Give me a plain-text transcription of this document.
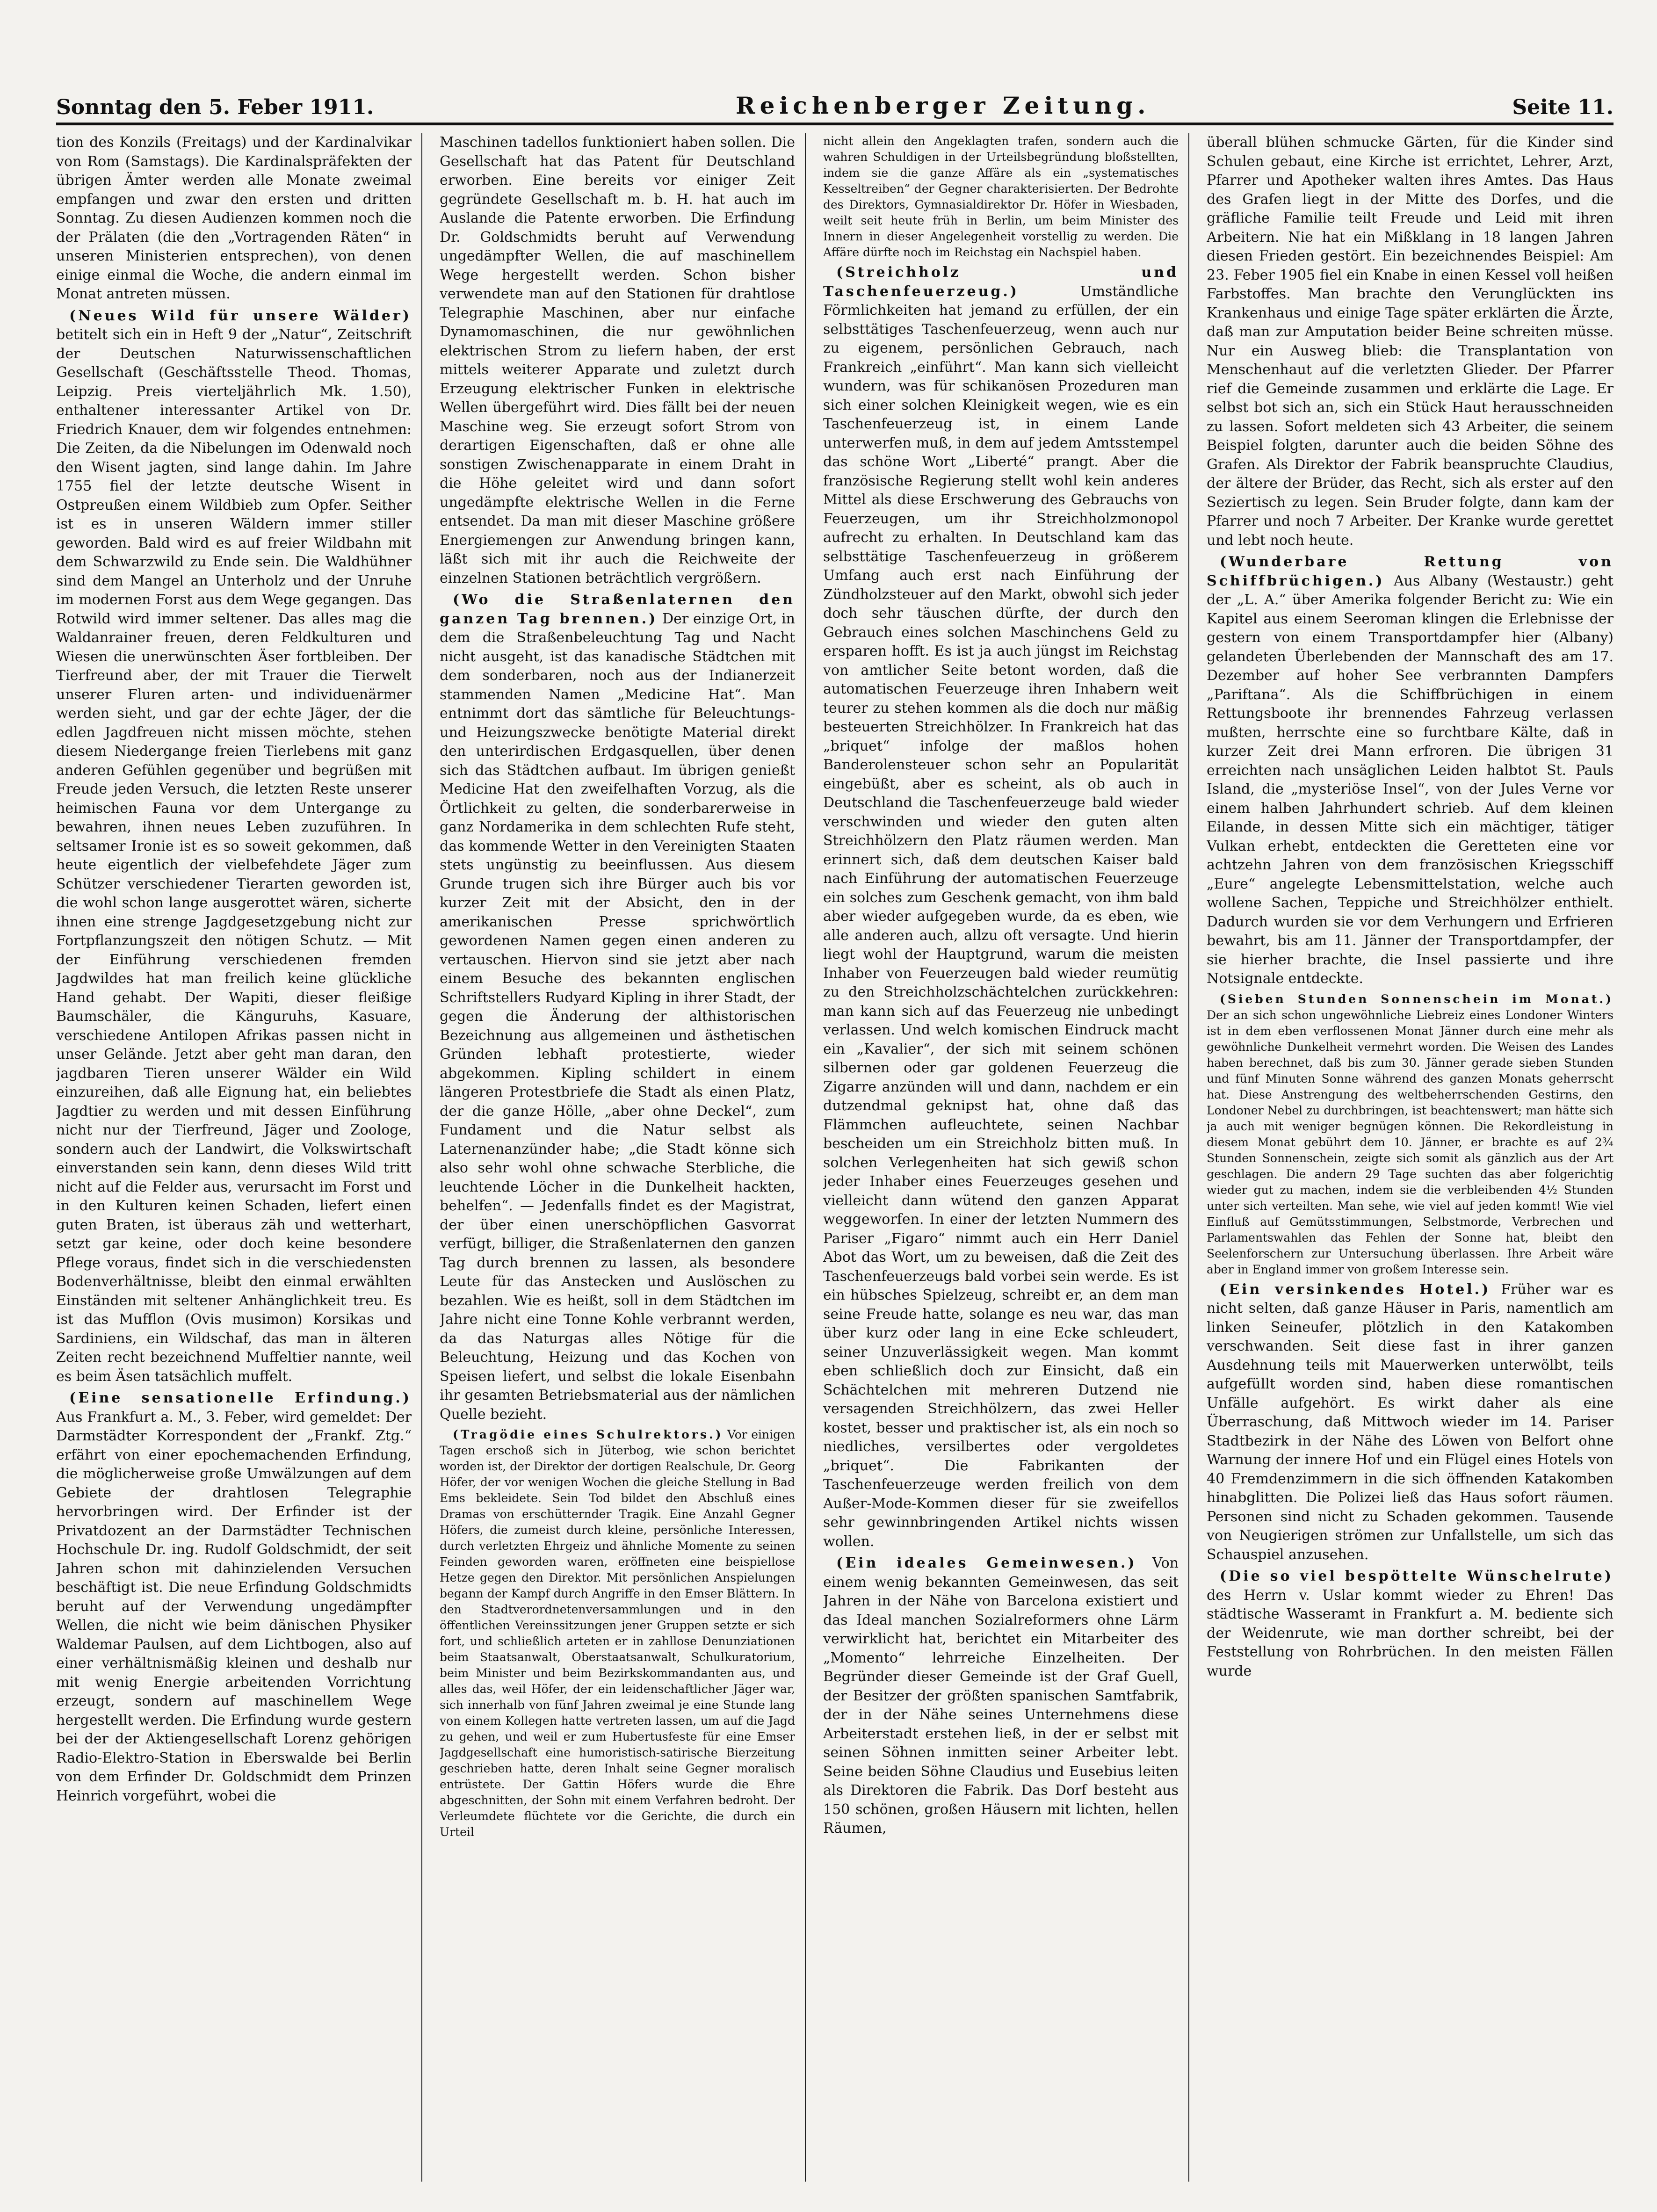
Sonntag den 5. Feber 1911.	Reichenberger Zeitung.	Seite 11.

tion des Konzils (Freitags) und der Kardinalvikar von Rom (Samstags). Die Kardinalspräfekten der übrigen Ämter werden alle Monate zweimal empfangen und zwar den ersten und dritten Sonntag. Zu diesen Audienzen kommen noch die der Prälaten (die den „Vortragenden Räten“ in unseren Ministerien entsprechen), von denen einige einmal die Woche, die andern einmal im Monat antreten müssen.

(Neues Wild für unsere Wälder) betitelt sich ein in Heft 9 der „Natur“, Zeitschrift der Deutschen Naturwissenschaftlichen Gesellschaft (Geschäftsstelle Theod. Thomas, Leipzig. Preis vierteljährlich Mk. 1.50), enthaltener interessanter Artikel von Dr. Friedrich Knauer, dem wir folgendes entnehmen: Die Zeiten, da die Nibelungen im Odenwald noch den Wisent jagten, sind lange dahin. Im Jahre 1755 fiel der letzte deutsche Wisent in Ostpreußen einem Wildbieb zum Opfer. Seither ist es in unseren Wäldern immer stiller geworden. Bald wird es auf freier Wildbahn mit dem Schwarzwild zu Ende sein. Die Waldhühner sind dem Mangel an Unterholz und der Unruhe im modernen Forst aus dem Wege gegangen. Das Rotwild wird immer seltener. Das alles mag die Waldanrainer freuen, deren Feldkulturen und Wiesen die unerwünschten Äser fortbleiben. Der Tierfreund aber, der mit Trauer die Tierwelt unserer Fluren arten- und individuenärmer werden sieht, und gar der echte Jäger, der die edlen Jagdfreuen nicht missen möchte, stehen diesem Niedergange freien Tierlebens mit ganz anderen Gefühlen gegenüber und begrüßen mit Freude jeden Versuch, die letzten Reste unserer heimischen Fauna vor dem Untergange zu bewahren, ihnen neues Leben zuzuführen. In seltsamer Ironie ist es so soweit gekommen, daß heute eigentlich der vielbefehdete Jäger zum Schützer verschiedener Tierarten geworden ist, die wohl schon lange ausgerottet wären, sicherte ihnen eine strenge Jagdgesetzgebung nicht zur Fortpflanzungszeit den nötigen Schutz. — Mit der Einführung verschiedenen fremden Jagdwildes hat man freilich keine glückliche Hand gehabt. Der Wapiti, dieser fleißige Baumschäler, die Känguruhs, Kasuare, verschiedene Antilopen Afrikas passen nicht in unser Gelände. Jetzt aber geht man daran, den jagdbaren Tieren unserer Wälder ein Wild einzureihen, daß alle Eignung hat, ein beliebtes Jagdtier zu werden und mit dessen Einführung nicht nur der Tierfreund, Jäger und Zoologe, sondern auch der Landwirt, die Volkswirtschaft einverstanden sein kann, denn dieses Wild tritt nicht auf die Felder aus, verursacht im Forst und in den Kulturen keinen Schaden, liefert einen guten Braten, ist überaus zäh und wetterhart, setzt gar keine, oder doch keine besondere Pflege voraus, findet sich in die verschiedensten Bodenverhältnisse, bleibt den einmal erwählten Einständen mit seltener Anhänglichkeit treu. Es ist das Mufflon (Ovis musimon) Korsikas und Sardiniens, ein Wildschaf, das man in älteren Zeiten recht bezeichnend Muffeltier nannte, weil es beim Äsen tatsächlich muffelt.

(Eine sensationelle Erfindung.) Aus Frankfurt a. M., 3. Feber, wird gemeldet: Der Darmstädter Korrespondent der „Frankf. Ztg.“ erfährt von einer epochemachenden Erfindung, die möglicherweise große Umwälzungen auf dem Gebiete der drahtlosen Telegraphie hervorbringen wird. Der Erfinder ist der Privatdozent an der Darmstädter Technischen Hochschule Dr. ing. Rudolf Goldschmidt, der seit Jahren schon mit dahinzielenden Versuchen beschäftigt ist. Die neue Erfindung Goldschmidts beruht auf der Verwendung ungedämpfter Wellen, die nicht wie beim dänischen Physiker Waldemar Paulsen, auf dem Lichtbogen, also auf einer verhältnismäßig kleinen und deshalb nur mit wenig Energie arbeitenden Vorrichtung erzeugt, sondern auf maschinellem Wege hergestellt werden. Die Erfindung wurde gestern bei der der Aktiengesellschaft Lorenz gehörigen Radio-Elektro-Station in Eberswalde bei Berlin von dem Erfinder Dr. Goldschmidt dem Prinzen Heinrich vorgeführt, wobei die

Maschinen tadellos funktioniert haben sollen. Die Gesellschaft hat das Patent für Deutschland erworben. Eine bereits vor einiger Zeit gegründete Gesellschaft m. b. H. hat auch im Auslande die Patente erworben. Die Erfindung Dr. Goldschmidts beruht auf Verwendung ungedämpfter Wellen, die auf maschinellem Wege hergestellt werden. Schon bisher verwendete man auf den Stationen für drahtlose Telegraphie Maschinen, aber nur einfache Dynamomaschinen, die nur gewöhnlichen elektrischen Strom zu liefern haben, der erst mittels weiterer Apparate und zuletzt durch Erzeugung elektrischer Funken in elektrische Wellen übergeführt wird. Dies fällt bei der neuen Maschine weg. Sie erzeugt sofort Strom von derartigen Eigenschaften, daß er ohne alle sonstigen Zwischenapparate in einem Draht in die Höhe geleitet wird und dann sofort ungedämpfte elektrische Wellen in die Ferne entsendet. Da man mit dieser Maschine größere Energiemengen zur Anwendung bringen kann, läßt sich mit ihr auch die Reichweite der einzelnen Stationen beträchtlich vergrößern.

(Wo die Straßenlaternen den ganzen Tag brennen.) Der einzige Ort, in dem die Straßenbeleuchtung Tag und Nacht nicht ausgeht, ist das kanadische Städtchen mit dem sonderbaren, noch aus der Indianerzeit stammenden Namen „Medicine Hat“. Man entnimmt dort das sämtliche für Beleuchtungs- und Heizungszwecke benötigte Material direkt den unterirdischen Erdgasquellen, über denen sich das Städtchen aufbaut. Im übrigen genießt Medicine Hat den zweifelhaften Vorzug, als die Örtlichkeit zu gelten, die sonderbarerweise in ganz Nordamerika in dem schlechten Rufe steht, das kommende Wetter in den Vereinigten Staaten stets ungünstig zu beeinflussen. Aus diesem Grunde trugen sich ihre Bürger auch bis vor kurzer Zeit mit der Absicht, den in der amerikanischen Presse sprichwörtlich gewordenen Namen gegen einen anderen zu vertauschen. Hiervon sind sie jetzt aber nach einem Besuche des bekannten englischen Schriftstellers Rudyard Kipling in ihrer Stadt, der gegen die Änderung der althistorischen Bezeichnung aus allgemeinen und ästhetischen Gründen lebhaft protestierte, wieder abgekommen. Kipling schildert in einem längeren Protestbriefe die Stadt als einen Platz, der die ganze Hölle, „aber ohne Deckel“, zum Fundament und die Natur selbst als Laternenanzünder habe; „die Stadt könne sich also sehr wohl ohne schwache Sterbliche, die leuchtende Löcher in die Dunkelheit hackten, behelfen“. — Jedenfalls findet es der Magistrat, der über einen unerschöpflichen Gasvorrat verfügt, billiger, die Straßenlaternen den ganzen Tag durch brennen zu lassen, als besondere Leute für das Anstecken und Auslöschen zu bezahlen. Wie es heißt, soll in dem Städtchen im Jahre nicht eine Tonne Kohle verbrannt werden, da das Naturgas alles Nötige für die Beleuchtung, Heizung und das Kochen von Speisen liefert, und selbst die lokale Eisenbahn ihr gesamten Betriebsmaterial aus der nämlichen Quelle bezieht.

(Tragödie eines Schulrektors.) Vor einigen Tagen erschoß sich in Jüterbog, wie schon berichtet worden ist, der Direktor der dortigen Realschule, Dr. Georg Höfer, der vor wenigen Wochen die gleiche Stellung in Bad Ems bekleidete. Sein Tod bildet den Abschluß eines Dramas von erschütternder Tragik. Eine Anzahl Gegner Höfers, die zumeist durch kleine, persönliche Interessen, durch verletzten Ehrgeiz und ähnliche Momente zu seinen Feinden geworden waren, eröffneten eine beispiellose Hetze gegen den Direktor. Mit persönlichen Anspielungen begann der Kampf durch Angriffe in den Emser Blättern. In den Stadtverordnetenversammlungen und in den öffentlichen Vereinssitzungen jener Gruppen setzte er sich fort, und schließlich arteten er in zahllose Denunziationen beim Staatsanwalt, Oberstaatsanwalt, Schulkuratorium, beim Minister und beim Bezirkskommandanten aus, und alles das, weil Höfer, der ein leidenschaftlicher Jäger war, sich innerhalb von fünf Jahren zweimal je eine Stunde lang von einem Kollegen hatte vertreten lassen, um auf die Jagd zu gehen, und weil er zum Hubertusfeste für eine Emser Jagdgesellschaft eine humoristisch-satirische Bierzeitung geschrieben hatte, deren Inhalt seine Gegner moralisch entrüstete. Der Gattin Höfers wurde die Ehre abgeschnitten, der Sohn mit einem Verfahren bedroht. Der Verleumdete flüchtete vor die Gerichte, die durch ein Urteil

nicht allein den Angeklagten trafen, sondern auch die wahren Schuldigen in der Urteilsbegründung bloßstellten, indem sie die ganze Affäre als ein „systematisches Kesseltreiben“ der Gegner charakterisierten. Der Bedrohte des Direktors, Gymnasialdirektor Dr. Höfer in Wiesbaden, weilt seit heute früh in Berlin, um beim Minister des Innern in dieser Angelegenheit vorstellig zu werden. Die Affäre dürfte noch im Reichstag ein Nachspiel haben.

(Streichholz und Taschenfeuerzeug.)	Umständliche Förmlichkeiten hat jemand zu erfüllen, der ein selbsttätiges Taschenfeuerzeug, wenn auch nur zu eigenem, persönlichen Gebrauch, nach Frankreich „einführt“. Man kann sich vielleicht wundern, was für schikanösen Prozeduren man sich einer solchen Kleinigkeit wegen, wie es ein Taschenfeuerzeug ist, in einem Lande unterwerfen muß, in dem auf jedem Amtsstempel das schöne Wort „Liberté“ prangt. Aber die französische Regierung stellt wohl kein anderes Mittel als diese Erschwerung des Gebrauchs von Feuerzeugen, um ihr Streichholzmonopol aufrecht zu erhalten. In Deutschland kam das selbsttätige Taschenfeuerzeug in größerem Umfang auch erst nach Einführung der Zündholzsteuer auf den Markt, obwohl sich jeder doch sehr täuschen dürfte, der durch den Gebrauch eines solchen Maschinchens Geld zu ersparen hofft. Es ist ja auch jüngst im Reichstag von amtlicher Seite betont worden, daß die automatischen Feuerzeuge ihren Inhabern weit teurer zu stehen kommen als die doch nur mäßig besteuerten Streichhölzer. In Frankreich hat das „briquet“ infolge der maßlos hohen Banderolensteuer schon sehr an Popularität eingebüßt, aber es scheint, als ob auch in Deutschland die Taschenfeuerzeuge bald wieder verschwinden und wieder den guten alten Streichhölzern den Platz räumen werden. Man erinnert sich, daß dem deutschen Kaiser bald nach Einführung der automatischen Feuerzeuge ein solches zum Geschenk gemacht, von ihm bald aber wieder aufgegeben wurde, da es eben, wie alle anderen auch, allzu oft versagte. Und hierin liegt wohl der Hauptgrund, warum die meisten Inhaber von Feuerzeugen bald wieder reumütig zu den Streichholzschächtelchen zurückkehren: man kann sich auf das Feuerzeug nie unbedingt verlassen. Und welch komischen Eindruck macht ein „Kavalier“, der sich mit seinem schönen silbernen oder gar goldenen Feuerzeug die Zigarre anzünden will und dann, nachdem er ein dutzendmal geknipst hat, ohne daß das Flämmchen aufleuchtete, seinen Nachbar bescheiden um ein Streichholz bitten muß. In solchen Verlegenheiten hat sich gewiß schon jeder Inhaber eines Feuerzeuges gesehen und vielleicht dann wütend den ganzen Apparat weggeworfen. In einer der letzten Nummern des Pariser „Figaro“ nimmt auch ein Herr Daniel Abot das Wort, um zu beweisen, daß die Zeit des Taschenfeuerzeugs bald vorbei sein werde. Es ist ein hübsches Spielzeug, schreibt er, an dem man seine Freude hatte, solange es neu war, das man über kurz oder lang in eine Ecke schleudert, seiner Unzuverlässigkeit wegen. Man kommt eben schließlich doch zur Einsicht, daß ein Schächtelchen mit mehreren Dutzend nie versagenden Streichhölzern, das zwei Heller kostet, besser und praktischer ist, als ein noch so niedliches, versilbertes oder vergoldetes „briquet“. Die Fabrikanten der Taschenfeuerzeuge werden freilich von dem Außer-Mode-Kommen dieser für sie zweifellos sehr gewinnbringenden Artikel nichts wissen wollen.

(Ein ideales Gemeinwesen.) Von einem wenig bekannten Gemeinwesen, das seit Jahren in der Nähe von Barcelona existiert und das Ideal manchen Sozialreformers ohne Lärm verwirklicht hat, berichtet ein Mitarbeiter des „Momento“ lehrreiche Einzelheiten. Der Begründer dieser Gemeinde ist der Graf Guell, der Besitzer der größten spanischen Samtfabrik, der in der Nähe seines Unternehmens diese Arbeiterstadt erstehen ließ, in der er selbst mit seinen Söhnen inmitten seiner Arbeiter lebt. Seine beiden Söhne Claudius und Eusebius leiten als Direktoren die Fabrik. Das Dorf besteht aus 150 schönen, großen Häusern mit lichten, hellen Räumen,

überall blühen schmucke Gärten, für die Kinder sind Schulen gebaut, eine Kirche ist errichtet, Lehrer, Arzt, Pfarrer und Apotheker walten ihres Amtes. Das Haus des Grafen liegt in der Mitte des Dorfes, und die gräfliche Familie teilt Freude und Leid mit ihren Arbeitern. Nie hat ein Mißklang in 18 langen Jahren diesen Frieden gestört. Ein bezeichnendes Beispiel: Am 23. Feber 1905 fiel ein Knabe in einen Kessel voll heißen Farbstoffes. Man brachte den Verunglückten ins Krankenhaus und einige Tage später erklärten die Ärzte, daß man zur Amputation beider Beine schreiten müsse. Nur ein Ausweg blieb: die Transplantation von Menschenhaut auf die verletzten Glieder. Der Pfarrer rief die Gemeinde zusammen und erklärte die Lage. Er selbst bot sich an, sich ein Stück Haut herausschneiden zu lassen. Sofort meldeten sich 43 Arbeiter, die seinem Beispiel folgten, darunter auch die beiden Söhne des Grafen. Als Direktor der Fabrik beanspruchte Claudius, der ältere der Brüder, das Recht, sich als erster auf den Seziertisch zu legen. Sein Bruder folgte, dann kam der Pfarrer und noch 7 Arbeiter. Der Kranke wurde gerettet und lebt noch heute.

(Wunderbare Rettung von Schiffbrüchigen.) Aus Albany (Westaustr.) geht der „L. A.“ über Amerika folgender Bericht zu: Wie ein Kapitel aus einem Seeroman klingen die Erlebnisse der gestern von einem Transportdampfer hier (Albany) gelandeten Überlebenden der Mannschaft des am 17. Dezember auf hoher See verbrannten Dampfers „Pariftana“. Als die Schiffbrüchigen in einem Rettungsboote ihr brennendes Fahrzeug verlassen mußten, herrschte eine so furchtbare Kälte, daß in kurzer Zeit drei Mann erfroren. Die übrigen 31 erreichten nach unsäglichen Leiden halbtot St. Pauls Island, die „mysteriöse Insel“, von der Jules Verne vor einem halben Jahrhundert schrieb. Auf dem kleinen Eilande, in dessen Mitte sich ein mächtiger, tätiger Vulkan erhebt, entdeckten die Geretteten eine vor achtzehn Jahren von dem französischen Kriegsschiff „Eure“ angelegte Lebensmittelstation, welche auch wollene Sachen, Teppiche und Streichhölzer enthielt. Dadurch wurden sie vor dem Verhungern und Erfrieren bewahrt, bis am 11. Jänner der Transportdampfer, der sie hierher brachte, die Insel passierte und ihre Notsignale entdeckte.

(Sieben Stunden Sonnenschein im Monat.) Der an sich schon ungewöhnliche Liebreiz eines Londoner Winters ist in dem eben verflossenen Monat Jänner durch eine mehr als gewöhnliche Dunkelheit vermehrt worden. Die Weisen des Landes haben berechnet, daß bis zum 30. Jänner gerade sieben Stunden und fünf Minuten Sonne während des ganzen Monats geherrscht hat. Diese Anstrengung des weltbeherrschenden Gestirns, den Londoner Nebel zu durchbringen, ist beachtenswert; man hätte sich ja auch mit weniger begnügen können. Die Rekordleistung in diesem Monat gebührt dem 10. Jänner, er brachte es auf 2¾ Stunden Sonnenschein, zeigte sich somit als gänzlich aus der Art geschlagen. Die andern 29 Tage suchten das aber folgerichtig wieder gut zu machen, indem sie die verbleibenden 4½ Stunden unter sich verteilten. Man sehe, wie viel auf jeden kommt! Wie viel Einfluß auf Gemütsstimmungen, Selbstmorde, Verbrechen und Parlamentswahlen das Fehlen der Sonne hat, bleibt den Seelenforschern zur Untersuchung überlassen. Ihre Arbeit wäre aber in England immer von großem Interesse sein.

(Ein versinkendes Hotel.) Früher war es nicht selten, daß ganze Häuser in Paris, namentlich am linken Seineufer, plötzlich in den Katakomben verschwanden. Seit diese fast in ihrer ganzen Ausdehnung teils mit Mauerwerken unterwölbt, teils aufgefüllt worden sind, haben diese romantischen Unfälle aufgehört. Es wirkt daher als eine Überraschung, daß Mittwoch wieder im 14. Pariser Stadtbezirk in der Nähe des Löwen von Belfort ohne Warnung der innere Hof und ein Flügel eines Hotels von 40 Fremdenzimmern in die sich öffnenden Katakomben hinabglitten. Die Polizei ließ das Haus sofort räumen. Personen sind nicht zu Schaden gekommen. Tausende von Neugierigen strömen zur Unfallstelle, um sich das Schauspiel anzusehen.

(Die so viel bespöttelte Wünschelrute) des Herrn v. Uslar kommt wieder zu Ehren! Das städtische Wasseramt in Frankfurt a. M. bediente sich der Weidenrute, wie man dorther schreibt, bei der Feststellung von Rohrbrüchen. In den meisten Fällen wurde
